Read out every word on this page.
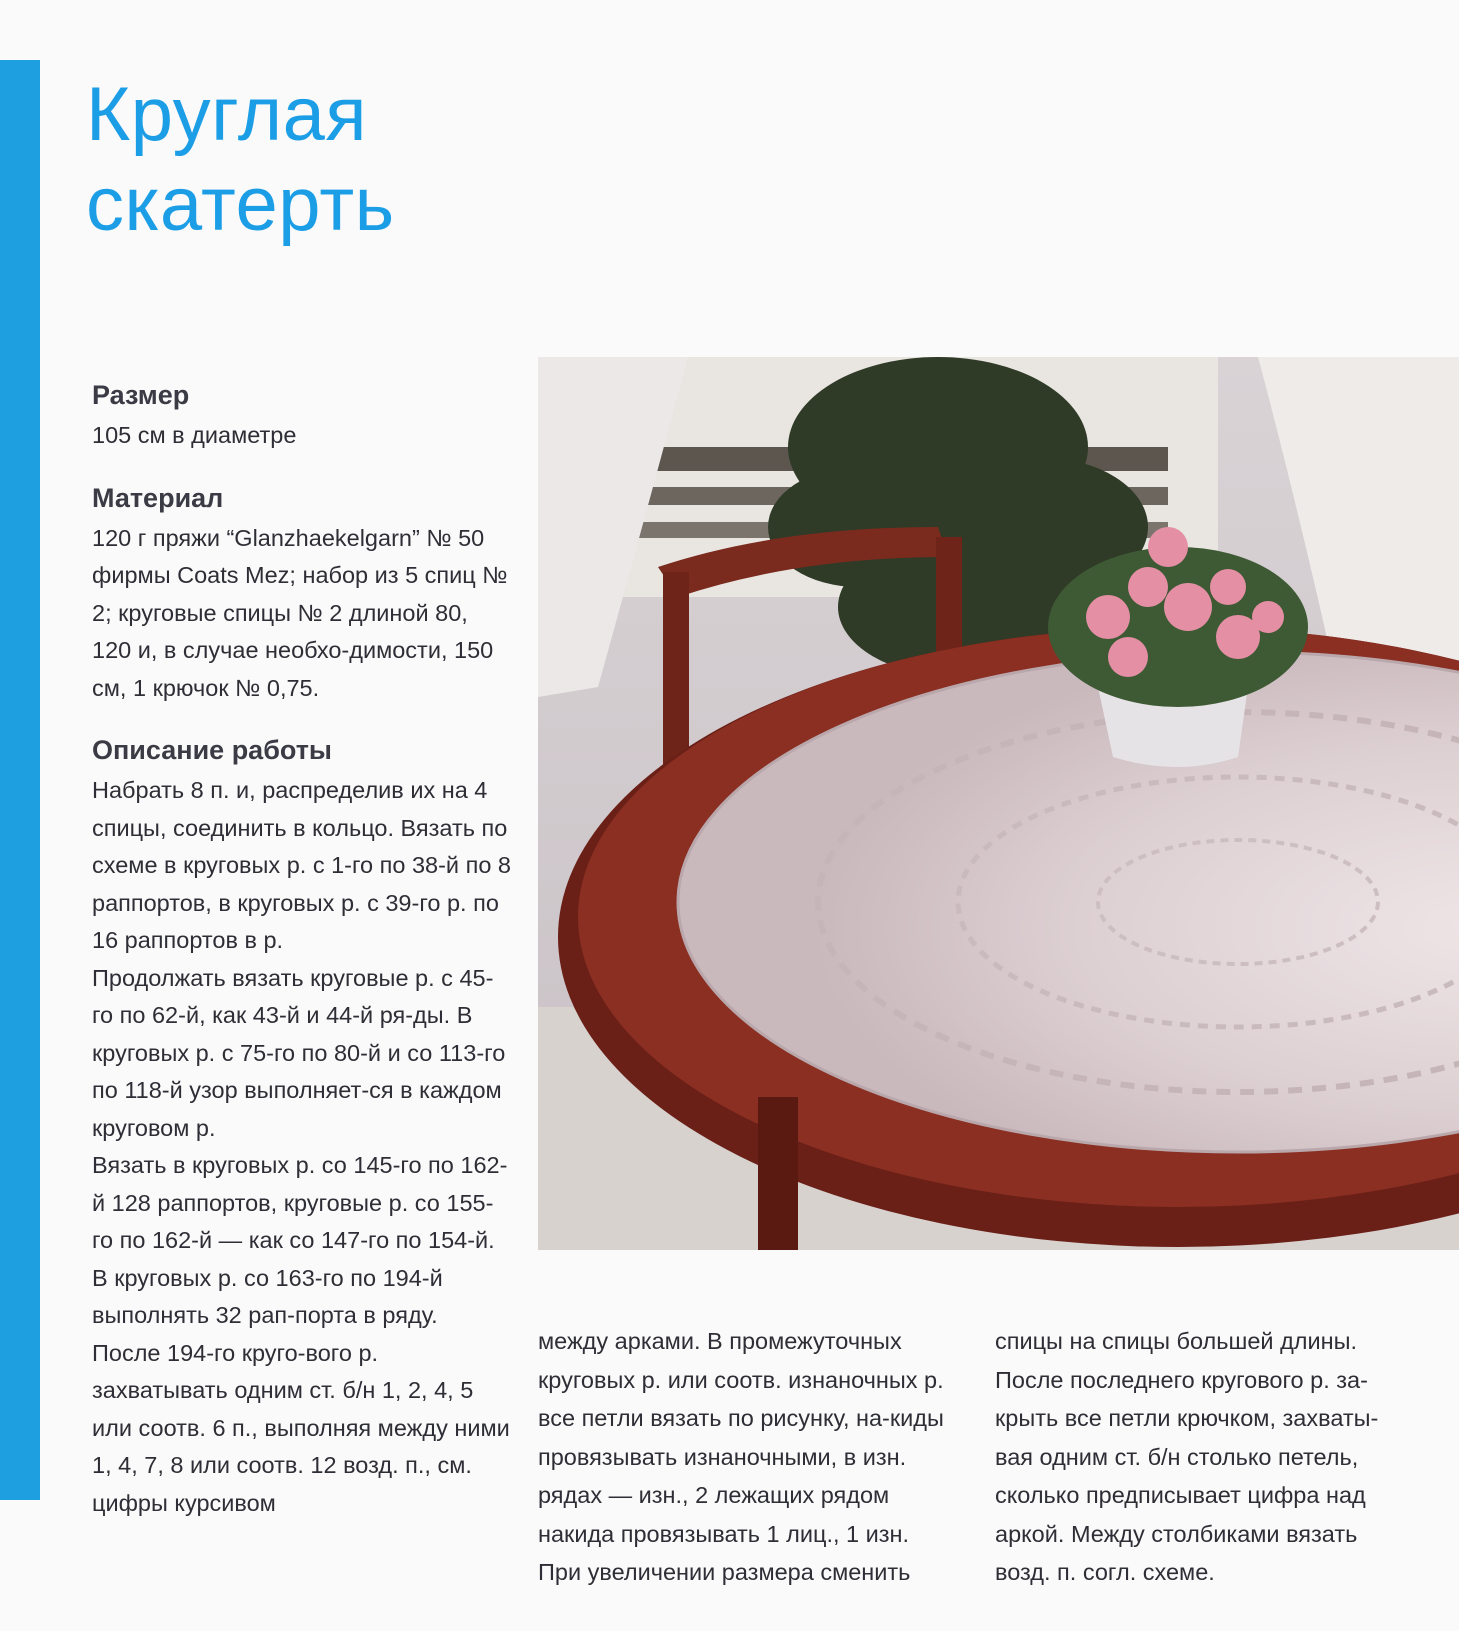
Круглая
скатерть
Размер

105 см в диаметре

Материал

120 г пряжи “Glanzhaekelgarn” № 50 фирмы Coats Mez; набор из 5 спиц № 2; круговые спицы № 2 длиной 80, 120 и, в случае необхо-димости, 150 см, 1 крючок № 0,75.

Описание работы

Набрать 8 п. и, распределив их на 4 спицы, соединить в кольцо. Вязать по схеме в круговых р. с 1-го по 38-й по 8 раппортов, в круговых р. с 39-го р. по 16 раппортов в р.

Продолжать вязать круговые р. с 45-го по 62-й, как 43-й и 44-й ря-ды. В круговых р. с 75-го по 80-й и со 113-го по 118-й узор выполняет-ся в каждом круговом р.

Вязать в круговых р. со 145-го по 162-й 128 раппортов, круговые р. со 155-го по 162-й — как со 147-го по 154-й. В круговых р. со 163-го по 194-й выполнять 32 рап-порта в ряду. После 194-го круго-вого р. захватывать одним ст. б/н 1, 2, 4, 5 или соотв. 6 п., выполняя между ними 1, 4, 7, 8 или соотв. 12 возд. п., см. цифры курсивом

между арками. В промежуточных круговых р. или соотв. изнаночных р. все петли вязать по рисунку, на-киды провязывать изнаночными, в изн. рядах — изн., 2 лежащих рядом накида провязывать 1 лиц., 1 изн. При увеличении размера сменить

спицы на спицы большей длины. После последнего кругового р. за-крыть все петли крючком, захваты-вая одним ст. б/н столько петель, сколько предписывает цифра над аркой. Между столбиками вязать возд. п. согл. схеме.
